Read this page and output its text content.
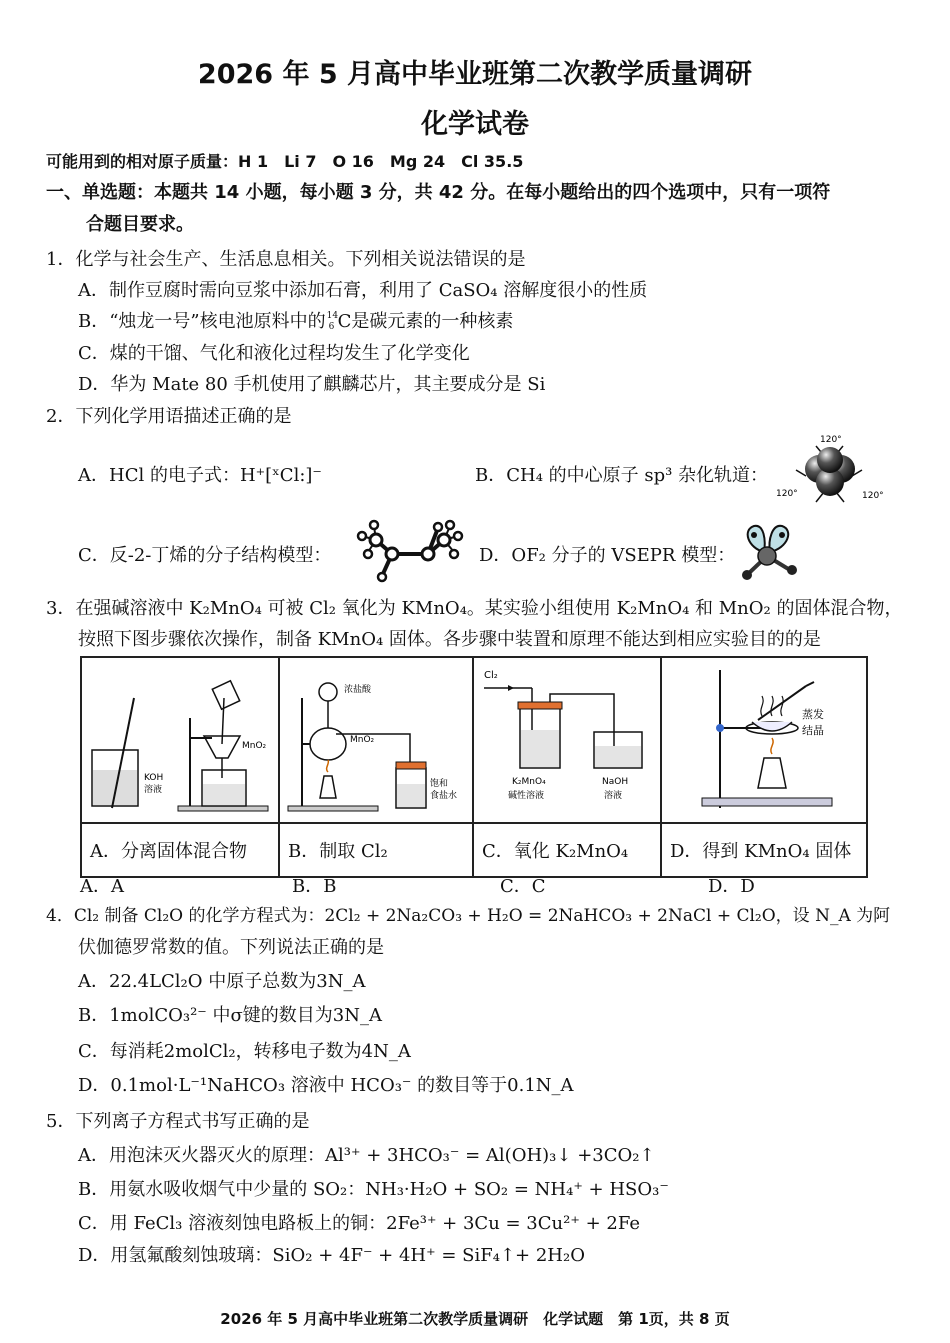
2026 年 5 月高中毕业班第二次教学质量调研
化学试卷
可能用到的相对原子质量：H 1　Li 7　O 16　Mg 24　Cl 35.5
一、单选题：本题共 14 小题，每小题 3 分，共 42 分。在每小题给出的四个选项中，只有一项符
合题目要求。
1．化学与社会生产、生活息息相关。下列相关说法错误的是
A．制作豆腐时需向豆浆中添加石膏，利用了 CaSO₄ 溶解度很小的性质
B．“烛龙一号”核电池原料中的 14
6 C是碳元素的一种核素
C．煤的干馏、气化和液化过程均发生了化学变化
D．华为 Mate 80 手机使用了麒麟芯片，其主要成分是 Si
2．下列化学用语描述正确的是
A．HCl 的电子式：H⁺[ˣCl:]⁻	B．CH₄ 的中心原子 sp³ 杂化轨道：
120°
120°	120°
C．反-2-丁烯的分子结构模型：	D．OF₂ 分子的 VSEPR 模型：
3．在强碱溶液中 K₂MnO₄ 可被 Cl₂ 氧化为 KMnO₄。某实验小组使用 K₂MnO₄ 和 MnO₂ 的固体混合物，
按照下图步骤依次操作，制备 KMnO₄ 固体。各步骤中装置和原理不能达到相应实验目的的是
KOH
溶液
MnO₂	浓盐酸
MnO₂
饱和
食盐水	Cl₂
K₂MnO₄
碱性溶液
NaOH
溶液	蒸发
结晶

A．分离固体混合物	B．制取 Cl₂	C．氧化 K₂MnO₄	D．得到 KMnO₄ 固体
A．A	B．B	C．C	D．D
4．Cl₂ 制备 Cl₂O 的化学方程式为：2Cl₂ + 2Na₂CO₃ + H₂O = 2NaHCO₃ + 2NaCl + Cl₂O，设 N_A 为阿
伏伽德罗常数的值。下列说法正确的是
A．22.4LCl₂O 中原子总数为3N_A
B．1molCO₃²⁻ 中σ键的数目为3N_A
C．每消耗2molCl₂，转移电子数为4N_A
D．0.1mol·L⁻¹NaHCO₃ 溶液中 HCO₃⁻ 的数目等于0.1N_A
5．下列离子方程式书写正确的是
A．用泡沫灭火器灭火的原理：Al³⁺ + 3HCO₃⁻ = Al(OH)₃↓ +3CO₂↑
B．用氨水吸收烟气中少量的 SO₂：NH₃·H₂O + SO₂ = NH₄⁺ + HSO₃⁻
C．用 FeCl₃ 溶液刻蚀电路板上的铜：2Fe³⁺ + 3Cu = 3Cu²⁺ + 2Fe
D．用氢氟酸刻蚀玻璃：SiO₂ + 4F⁻ + 4H⁺ = SiF₄↑+ 2H₂O
2026 年 5 月高中毕业班第二次教学质量调研　化学试题　第 1页，共 8 页
